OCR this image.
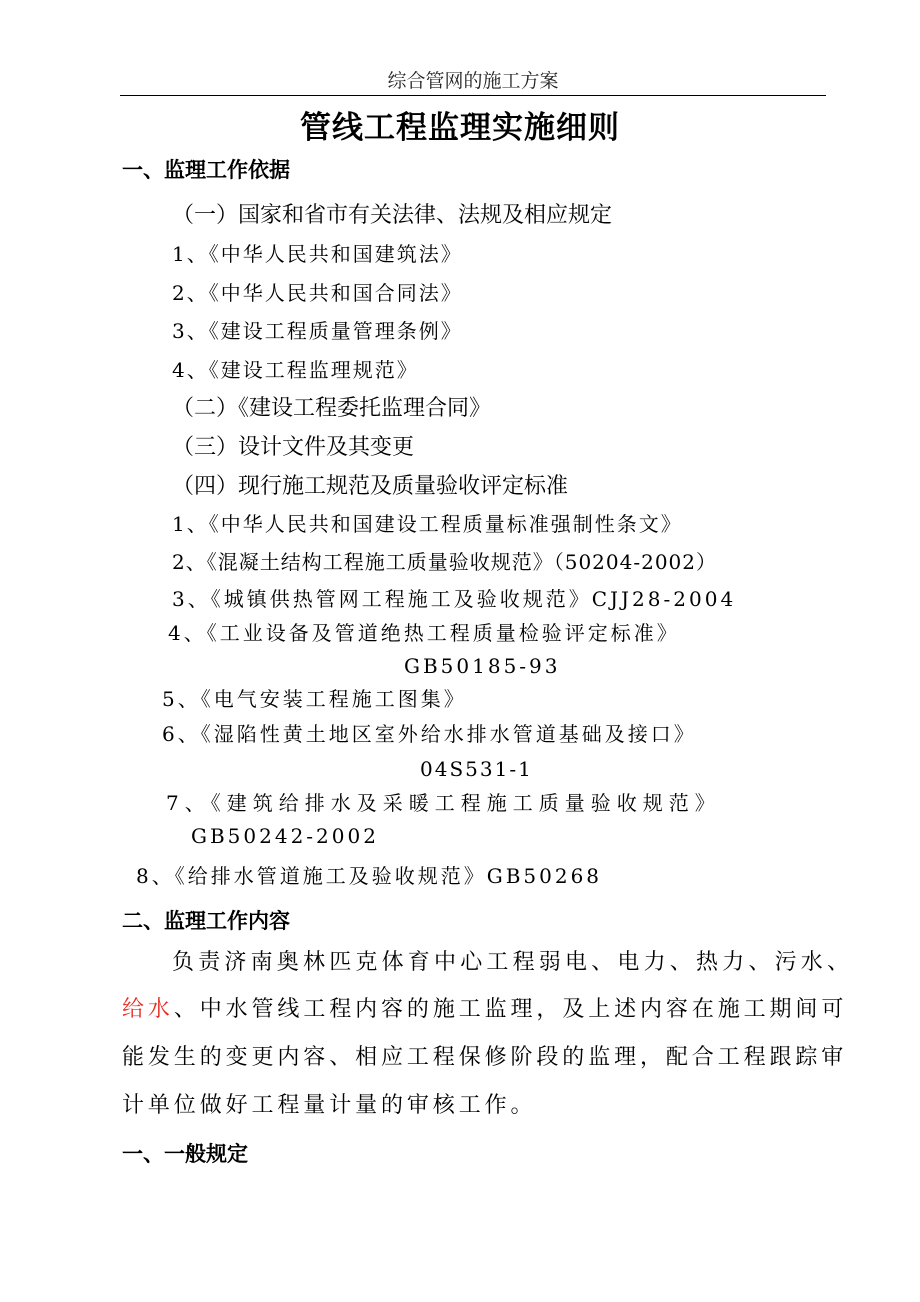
综合管网的施工方案
管线工程监理实施细则
一、监理工作依据
（一）国家和省市有关法律、法规及相应规定
1、《中华人民共和国建筑法》
2、《中华人民共和国合同法》
3、《建设工程质量管理条例》
4、《建设工程监理规范》
（二）《建设工程委托监理合同》
（三）设计文件及其变更
（四）现行施工规范及质量验收评定标准
1、《中华人民共和国建设工程质量标准强制性条文》
2、《混凝土结构工程施工质量验收规范》（50204-2002）
3、《城镇供热管网工程施工及验收规范》CJJ28-2004
4、《工业设备及管道绝热工程质量检验评定标准》
GB50185-93
5、《电气安装工程施工图集》
6、《湿陷性黄土地区室外给水排水管道基础及接口》
04S531-1
7、《建筑给排水及采暖工程施工质量验收规范》
GB50242-2002
8、《给排水管道施工及验收规范》GB50268
二、监理工作内容
负责济南奥林匹克体育中心工程弱电、电力、热力、污水、
给水、中水管线工程内容的施工监理，及上述内容在施工期间可
能发生的变更内容、相应工程保修阶段的监理，配合工程跟踪审
计单位做好工程量计量的审核工作。
一、一般规定
